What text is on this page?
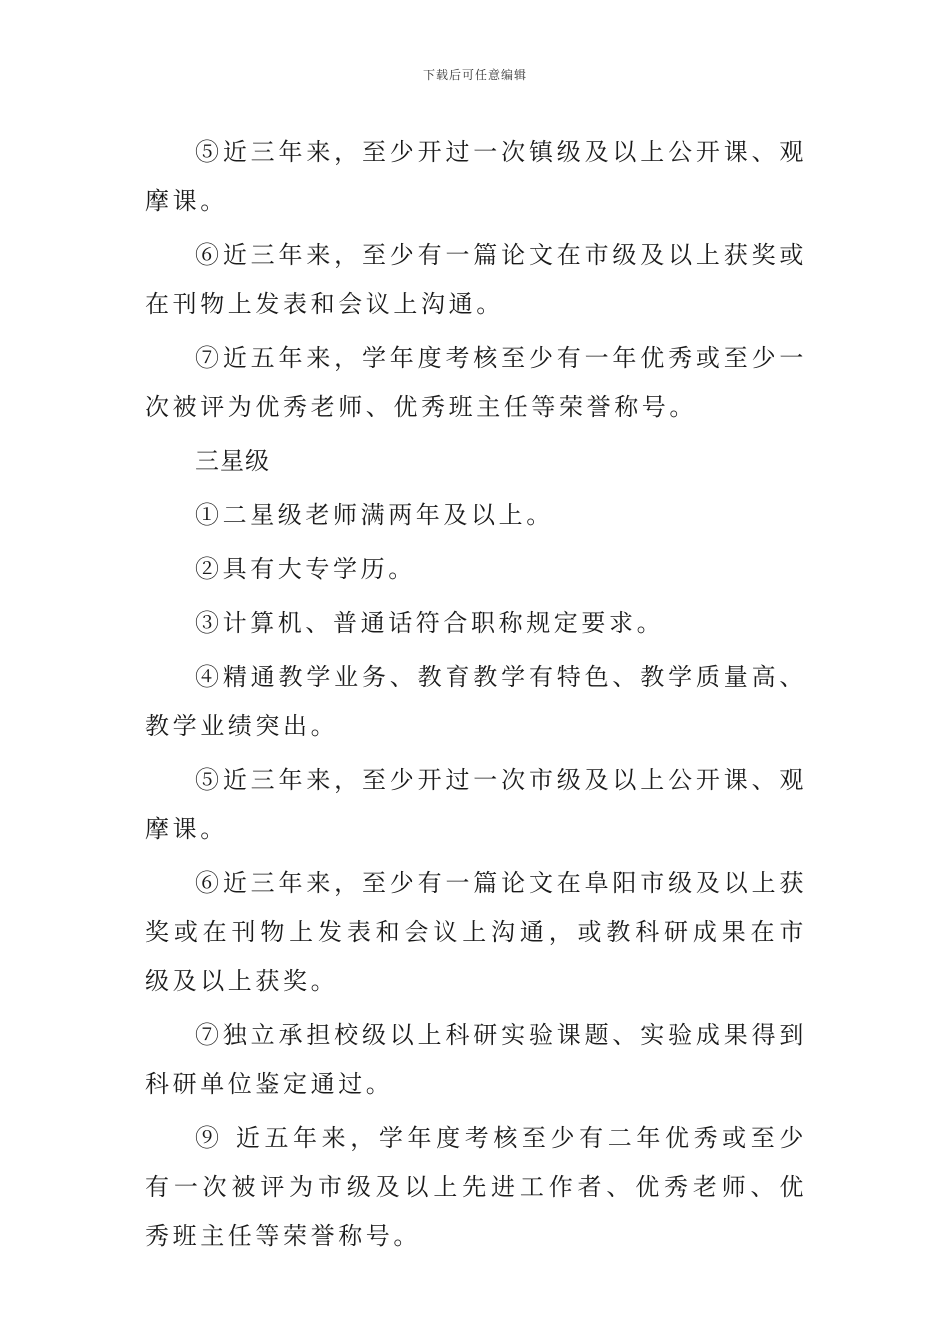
下载后可任意编辑

⑤近三年来，至少开过一次镇级及以上公开课、观摩课。

⑥近三年来，至少有一篇论文在市级及以上获奖或在刊物上发表和会议上沟通。

⑦近五年来，学年度考核至少有一年优秀或至少一次被评为优秀老师、优秀班主任等荣誉称号。

三星级

①二星级老师满两年及以上。

②具有大专学历。

③计算机、普通话符合职称规定要求。

④精通教学业务、教育教学有特色、教学质量高、教学业绩突出。

⑤近三年来，至少开过一次市级及以上公开课、观摩课。

⑥近三年来，至少有一篇论文在阜阳市级及以上获奖或在刊物上发表和会议上沟通，或教科研成果在市级及以上获奖。

⑦独立承担校级以上科研实验课题、实验成果得到科研单位鉴定通过。

⑨ 近五年来，学年度考核至少有二年优秀或至少有一次被评为市级及以上先进工作者、优秀老师、优秀班主任等荣誉称号。
